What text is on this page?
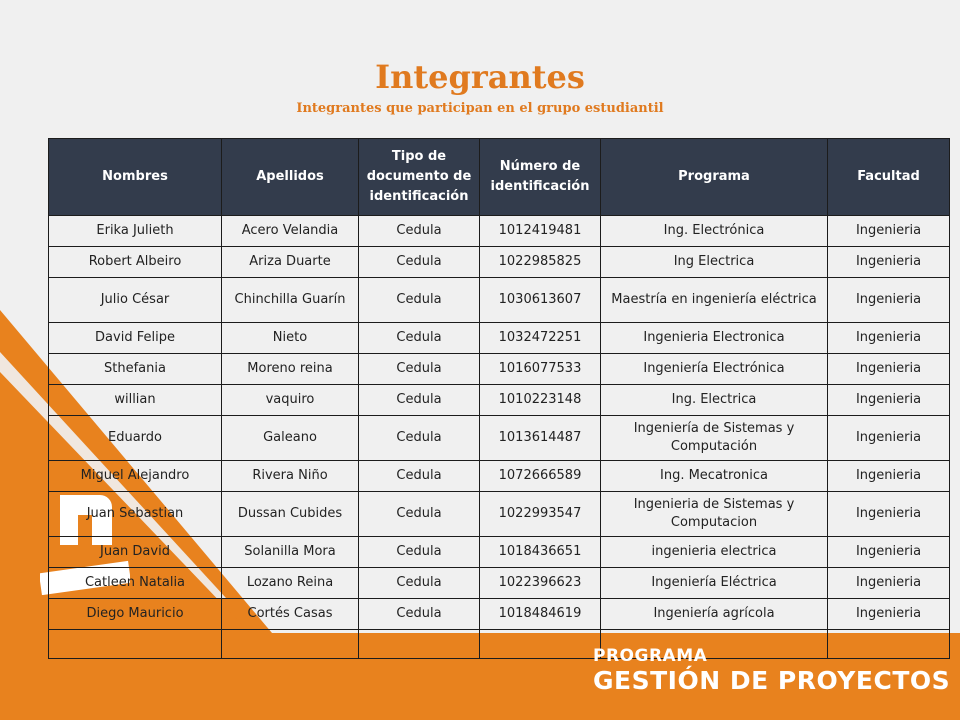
Integrantes
Integrantes que participan en el grupo estudiantil
Nombres	Apellidos	Tipo de documento de identificación	Número de identificación	Programa	Facultad
Erika Julieth	Acero Velandia	Cedula	1012419481	Ing. Electrónica	Ingenieria
Robert Albeiro	Ariza Duarte	Cedula	1022985825	Ing Electrica	Ingenieria
Julio César	Chinchilla Guarín	Cedula	1030613607	Maestría en ingeniería eléctrica	Ingenieria
David Felipe	Nieto	Cedula	1032472251	Ingenieria Electronica	Ingenieria
Sthefania	Moreno reina	Cedula	1016077533	Ingeniería Electrónica	Ingenieria
willian	vaquiro	Cedula	1010223148	Ing. Electrica	Ingenieria
Eduardo	Galeano	Cedula	1013614487	Ingeniería de Sistemas y Computación	Ingenieria
Miguel Alejandro	Rivera Niño	Cedula	1072666589	Ing. Mecatronica	Ingenieria
Juan Sebastian	Dussan Cubides	Cedula	1022993547	Ingenieria de Sistemas y Computacion	Ingenieria
Juan David	Solanilla Mora	Cedula	1018436651	ingenieria electrica	Ingenieria
Catleen Natalia	Lozano Reina	Cedula	1022396623	Ingeniería Eléctrica	Ingenieria
Diego Mauricio	Cortés Casas	Cedula	1018484619	Ingeniería agrícola	Ingenieria

PROGRAMA
GESTIÓN DE PROYECTOS
